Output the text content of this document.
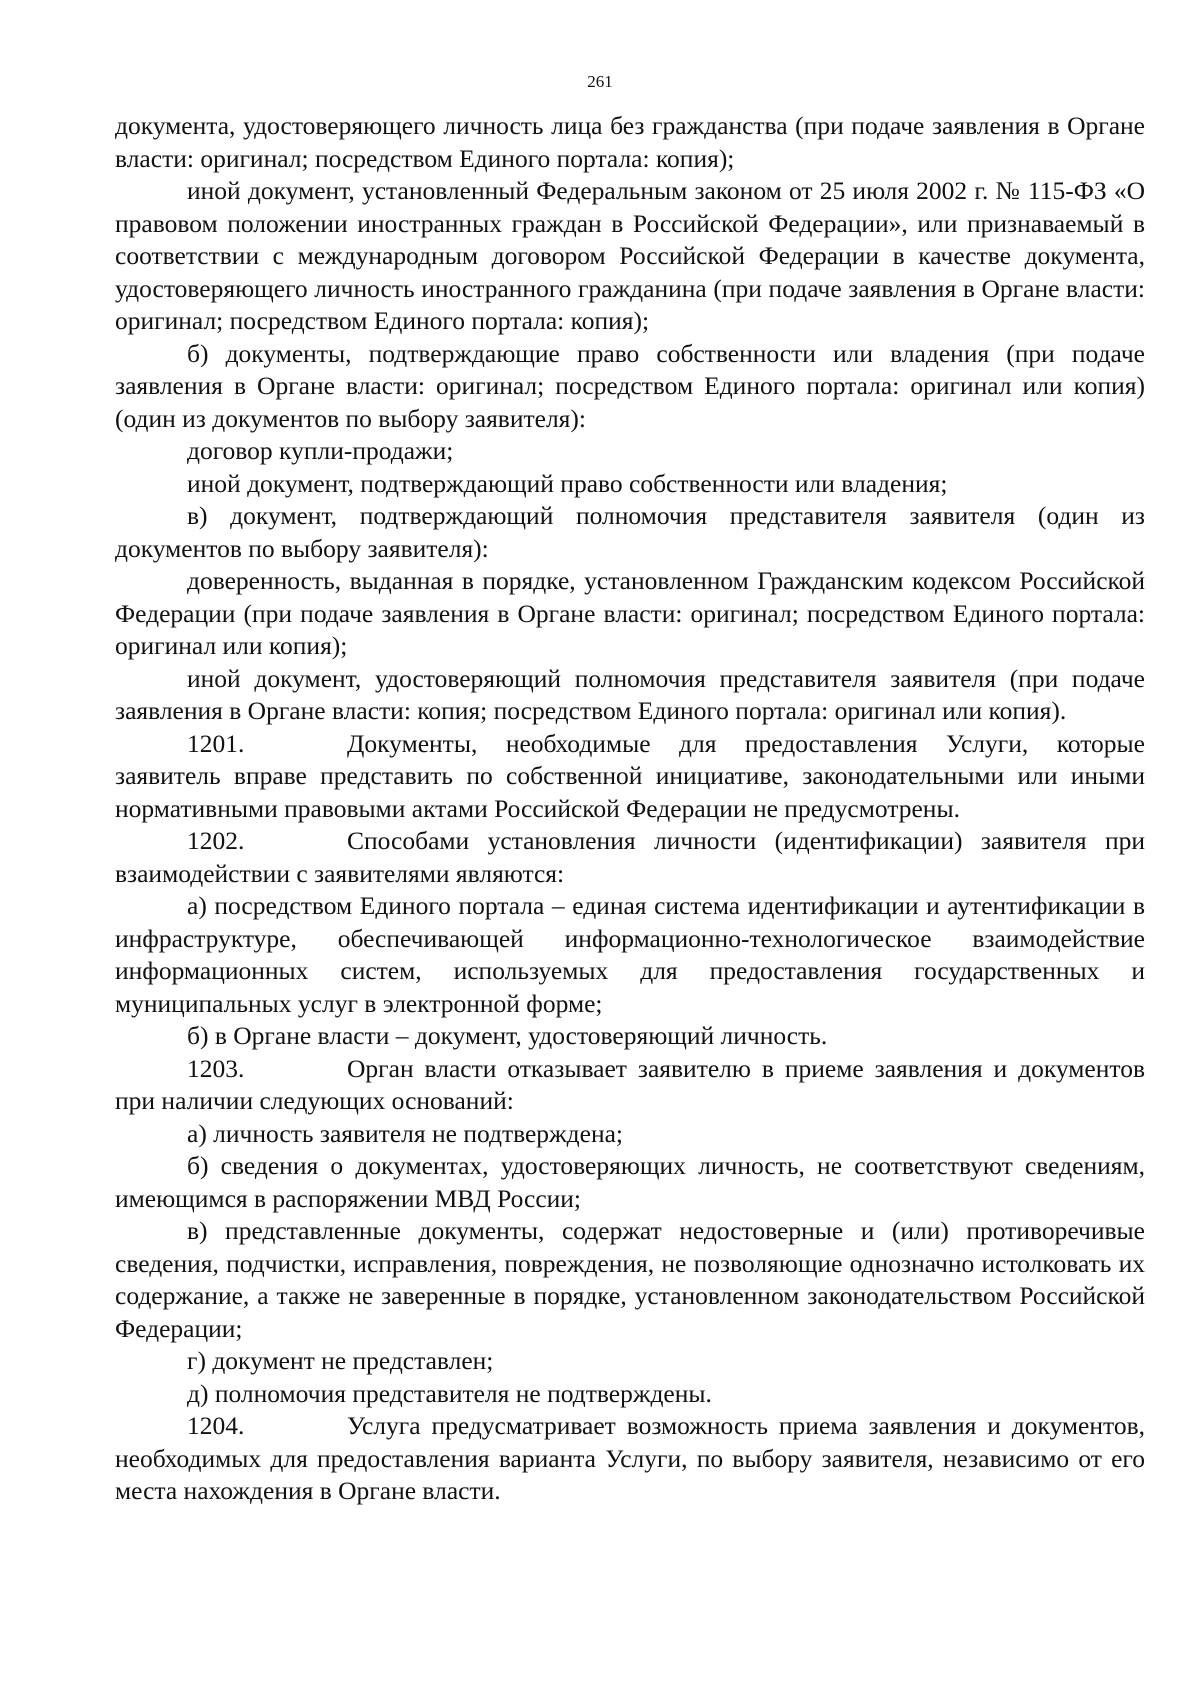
261

документа, удостоверяющего личность лица без гражданства (при подаче заявления в Органе власти: оригинал; посредством Единого портала: копия);

иной документ, установленный Федеральным законом от 25 июля 2002 г. № 115-ФЗ «О правовом положении иностранных граждан в Российской Федерации», или признаваемый в соответствии с международным договором Российской Федерации в качестве документа, удостоверяющего личность иностранного гражданина (при подаче заявления в Органе власти: оригинал; посредством Единого портала: копия);

б) документы, подтверждающие право собственности или владения (при подаче заявления в Органе власти: оригинал; посредством Единого портала: оригинал или копия) (один из документов по выбору заявителя):

договор купли-продажи;

иной документ, подтверждающий право собственности или владения;

в) документ, подтверждающий полномочия представителя заявителя (один из документов по выбору заявителя):

доверенность, выданная в порядке, установленном Гражданским кодексом Российской Федерации (при подаче заявления в Органе власти: оригинал; посредством Единого портала: оригинал или копия);

иной документ, удостоверяющий полномочия представителя заявителя (при подаче заявления в Органе власти: копия; посредством Единого портала: оригинал или копия).

1201.	Документы, необходимые для предоставления Услуги, которые заявитель вправе представить по собственной инициативе, законодательными или иными нормативными правовыми актами Российской Федерации не предусмотрены.

1202.	Способами установления личности (идентификации) заявителя при взаимодействии с заявителями являются:

а) посредством Единого портала – единая система идентификации и аутентификации в инфраструктуре, обеспечивающей информационно-технологическое взаимодействие информационных систем, используемых для предоставления государственных и муниципальных услуг в электронной форме;

б) в Органе власти – документ, удостоверяющий личность.

1203.	Орган власти отказывает заявителю в приеме заявления и документов при наличии следующих оснований:

а) личность заявителя не подтверждена;

б) сведения о документах, удостоверяющих личность, не соответствуют сведениям, имеющимся в распоряжении МВД России;

в) представленные документы, содержат недостоверные и (или) противоречивые сведения, подчистки, исправления, повреждения, не позволяющие однозначно истолковать их содержание, а также не заверенные в порядке, установленном законодательством Российской Федерации;

г) документ не представлен;

д) полномочия представителя не подтверждены.

1204.	Услуга предусматривает возможность приема заявления и документов, необходимых для предоставления варианта Услуги, по выбору заявителя, независимо от его места нахождения в Органе власти.
